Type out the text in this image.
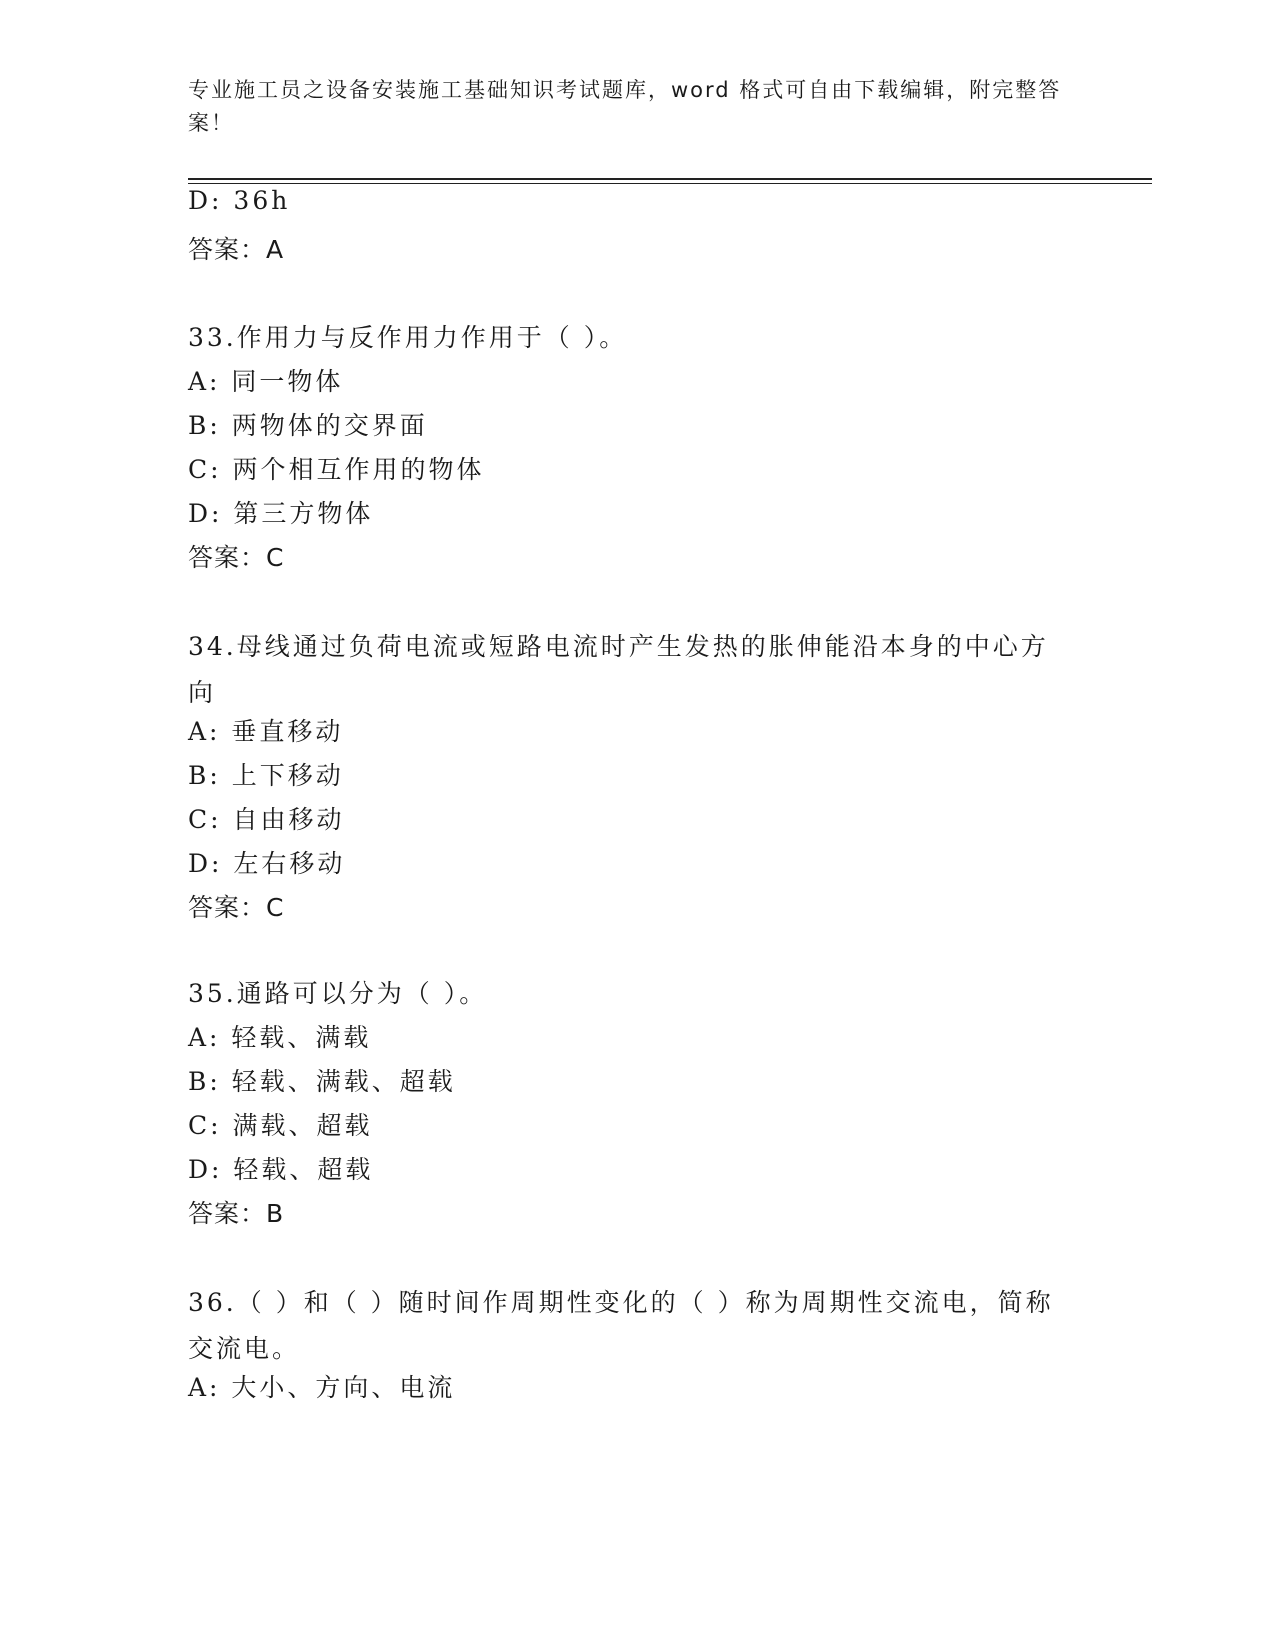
专业施工员之设备安装施工基础知识考试题库，word 格式可自由下载编辑，附完整答案！
D: 36h
答案：A
33.作用力与反作用力作用于（ ）。
A: 同一物体
B: 两物体的交界面
C: 两个相互作用的物体
D: 第三方物体
答案：C
34.母线通过负荷电流或短路电流时产生发热的胀伸能沿本身的中心方向
A: 垂直移动
B: 上下移动
C: 自由移动
D: 左右移动
答案：C
35.通路可以分为（ ）。
A: 轻载、满载
B: 轻载、满载、超载
C: 满载、超载
D: 轻载、超载
答案：B
36.（ ）和（ ）随时间作周期性变化的（ ）称为周期性交流电，简称交流电。
A: 大小、方向、电流
